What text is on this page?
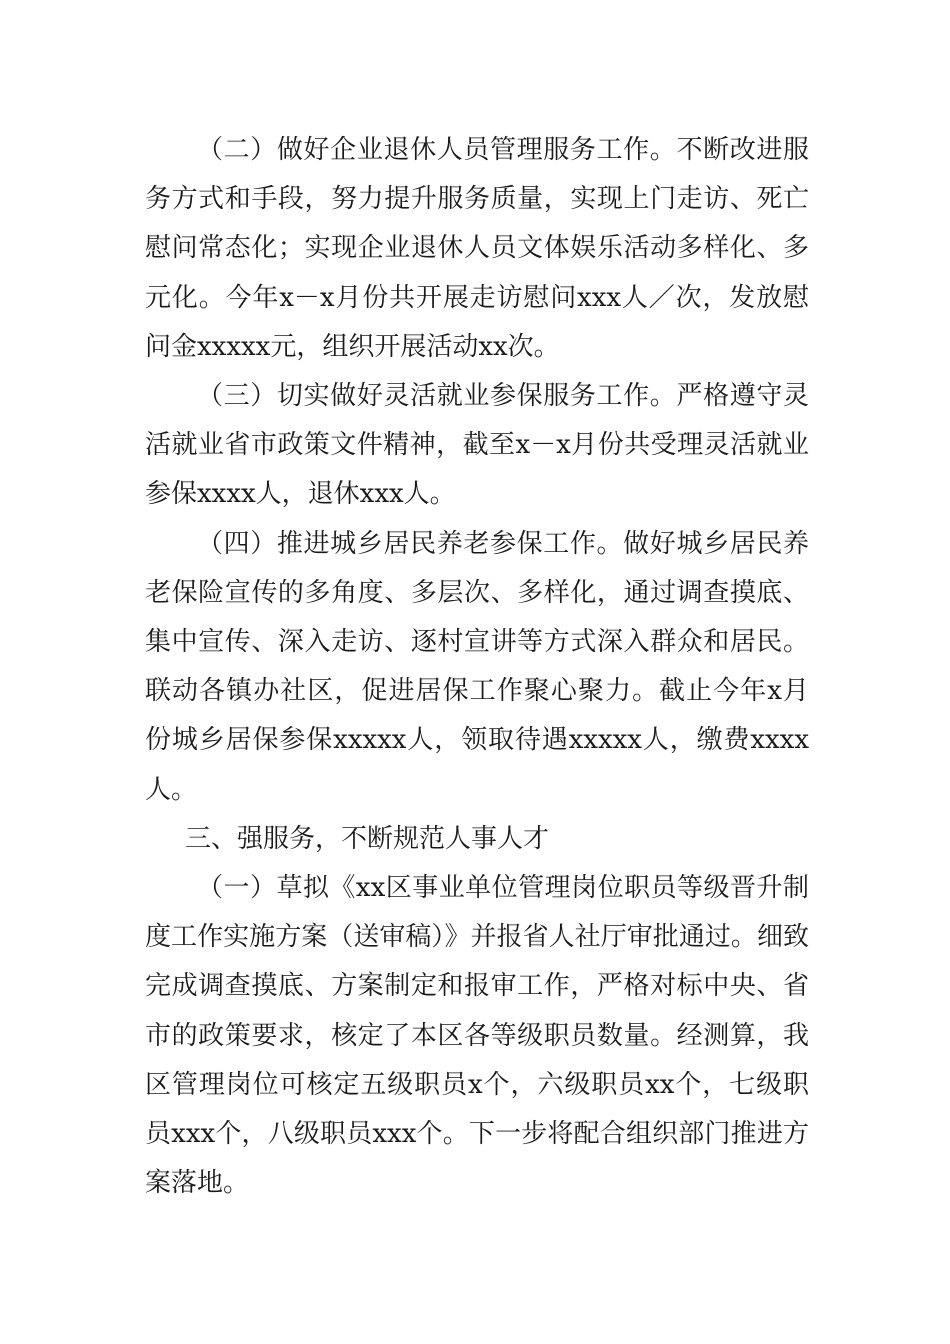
（二）做好企业退休人员管理服务工作。不断改进服务方式和手段，努力提升服务质量，实现上门走访、死亡慰问常态化；实现企业退休人员文体娱乐活动多样化、多元化。今年x－x月份共开展走访慰问xxx人／次，发放慰问金xxxxx元，组织开展活动xx次。

（三）切实做好灵活就业参保服务工作。严格遵守灵活就业省市政策文件精神，截至x－x月份共受理灵活就业参保xxxx人，退休xxx人。

（四）推进城乡居民养老参保工作。做好城乡居民养老保险宣传的多角度、多层次、多样化，通过调查摸底、集中宣传、深入走访、逐村宣讲等方式深入群众和居民。联动各镇办社区，促进居保工作聚心聚力。截止今年x月份城乡居保参保xxxxx人，领取待遇xxxxx人，缴费xxxx人。

三、强服务，不断规范人事人才

（一）草拟《xx区事业单位管理岗位职员等级晋升制度工作实施方案（送审稿）》并报省人社厅审批通过。细致完成调查摸底、方案制定和报审工作，严格对标中央、省市的政策要求，核定了本区各等级职员数量。经测算，我区管理岗位可核定五级职员x个，六级职员xx个，七级职员xxx个，八级职员xxx个。下一步将配合组织部门推进方案落地。
